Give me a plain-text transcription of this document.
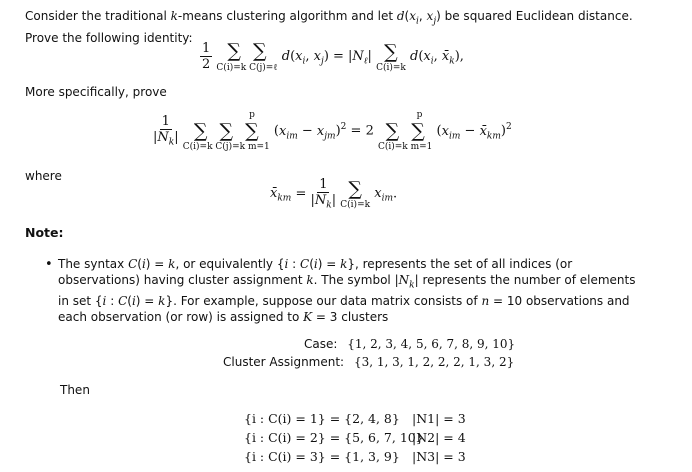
Consider the traditional k-means clustering algorithm and let $d(x_i$, $x_j$) be squared Euclidean distance. Prove the following identity:
$\frac{1}{2}$
∑  ∑
C(i)=k C(j)=ℓ
$d(x_i$, $x_j) = |N_\ell|$ ∑
C(i)=k
$d(x_i$, $x̄_k$),
More specifically, prove
$\frac{1}{|N_k|}$
p
∑  ∑  ∑
C(i)=k C(j)=k m=1
$(x_{im} - x_{jm})^2 = 2$
p
∑  ∑
C(i)=k m=1
($x_{im}$ − $x̄_{km})^2$
where
$x̄_{km} = \frac{1}{|N_k|}$
∑
C(i)=k
$x_{im}$.
Note:
• The syntax C(i) = k, or equivalently {i : C(i) = k}, represents the set of all indices (or observations) having cluster assignment k. The symbol $|N_k|$ represents the number of elements in set {i : C(i) = k}. For example, suppose our data matrix consists of n = 10 observations and each observation (or row) is assigned to K = 3 clusters
Case: {1, 2, 3, 4, 5, 6, 7, 8, 9, 10}
Cluster Assignment: {3, 1, 3, 1, 2, 2, 2, 1, 3, 2}
Then
{i : C(i) = 1} = {2, 4, 8} |N1| = 3
{i : C(i) = 2} = {5, 6, 7, 10}
|N2| = 4
{i : C(i) = 3} = {1, 3, 9} |N3| = 3
